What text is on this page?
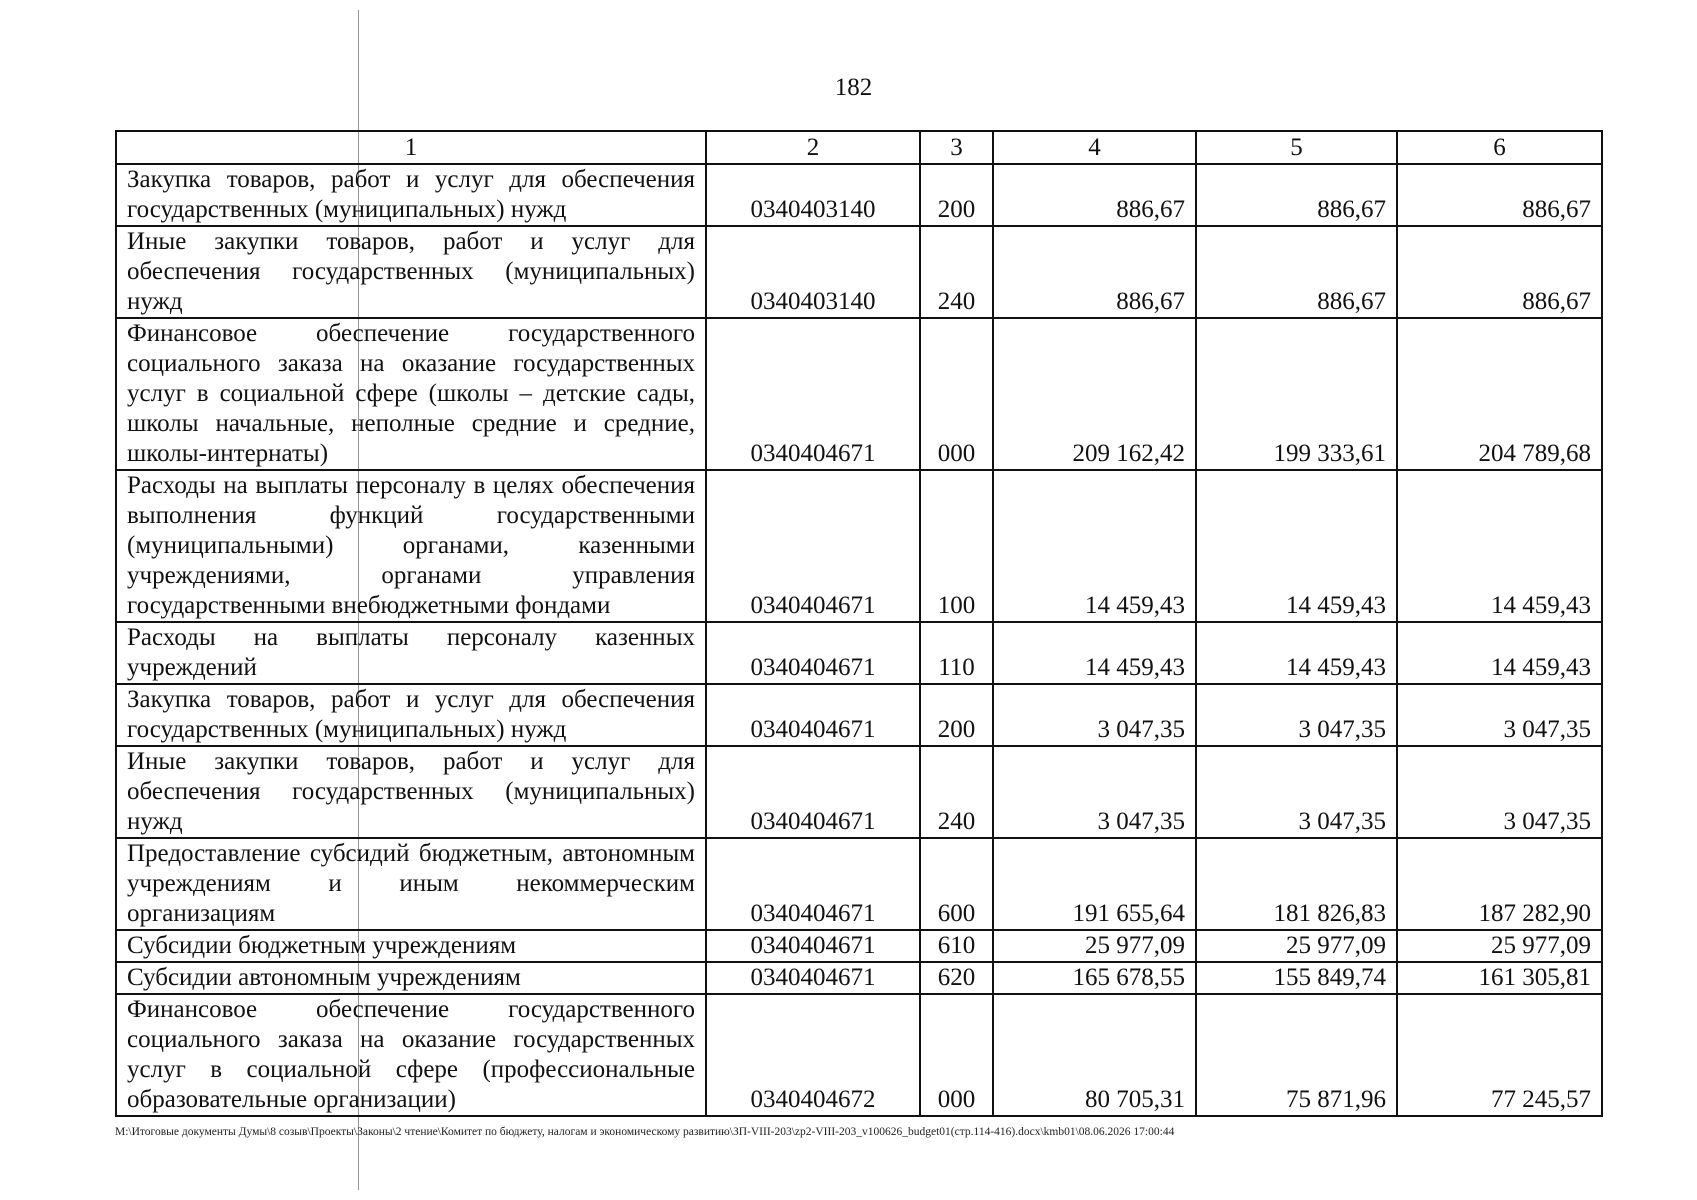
182
1	2	3	4	5	6
Закупка товаров, работ и услуг для обеспечения государственных (муниципальных) нужд	0340403140	200	886,67	886,67	886,67
Иные закупки товаров, работ и услуг для обеспечения государственных (муниципальных) нужд	0340403140	240	886,67	886,67	886,67
Финансовое обеспечение государственного социального заказа на оказание государственных услуг в социальной сфере (школы – детские сады, школы начальные, неполные средние и средние, школы-интернаты)	0340404671	000	209 162,42	199 333,61	204 789,68
Расходы на выплаты персоналу в целях обеспечения выполнения функций государственными (муниципальными) органами, казенными учреждениями, органами управления государственными внебюджетными фондами	0340404671	100	14 459,43	14 459,43	14 459,43
Расходы на выплаты персоналу казенных учреждений	0340404671	110	14 459,43	14 459,43	14 459,43
Закупка товаров, работ и услуг для обеспечения государственных (муниципальных) нужд	0340404671	200	3 047,35	3 047,35	3 047,35
Иные закупки товаров, работ и услуг для обеспечения государственных (муниципальных) нужд	0340404671	240	3 047,35	3 047,35	3 047,35
Предоставление субсидий бюджетным, автономным учреждениям и иным некоммерческим организациям	0340404671	600	191 655,64	181 826,83	187 282,90
Субсидии бюджетным учреждениям	0340404671	610	25 977,09	25 977,09	25 977,09
Субсидии автономным учреждениям	0340404671	620	165 678,55	155 849,74	161 305,81
Финансовое обеспечение государственного социального заказа на оказание государственных услуг в социальной сфере (профессиональные образовательные организации)	0340404672	000	80 705,31	75 871,96	77 245,57
M:\Итоговые документы Думы\8 созыв\Проекты\Законы\2 чтение\Комитет по бюджету, налогам и экономическому развитию\ЗП-VIII-203\zp2-VIII-203_v100626_budget01(стр.114-416).docx\kmb01\08.06.2026 17:00:44
